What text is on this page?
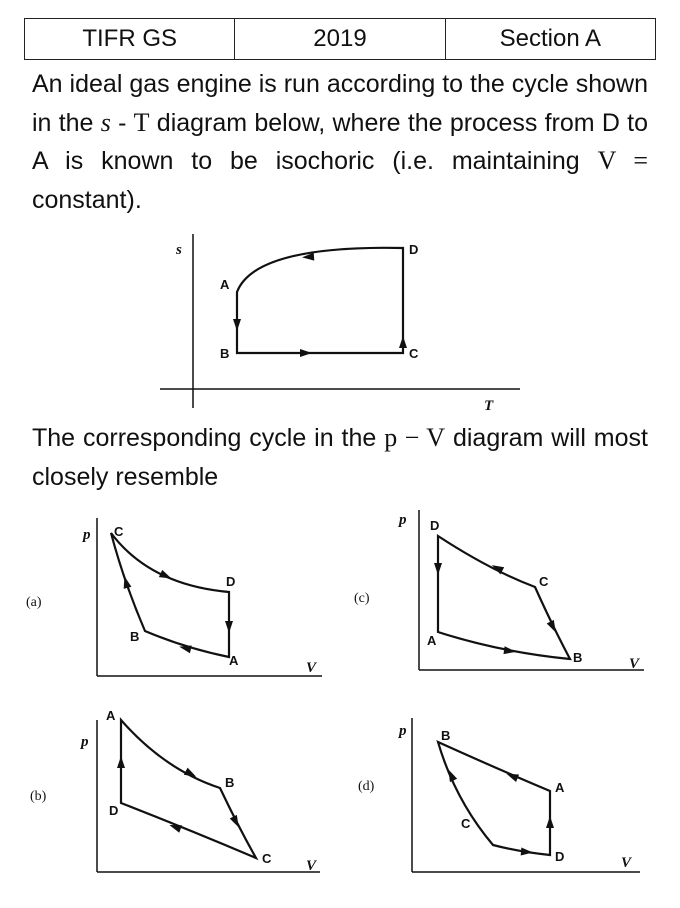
TIFR GS	2019	Section A

An ideal gas engine is run according to the cycle shown in the s - T diagram below, where the process from D to A is known to be isochoric (i.e. maintaining V = constant).

The corresponding cycle in the p − V diagram will most closely resemble

s
T
A
B	C
D
(a)
p
V
C
D
B
A
(c)
p
V
D
C
A
B
(b)
p
V
A
B
D
C
(d)
p
V
B
A
C
D
